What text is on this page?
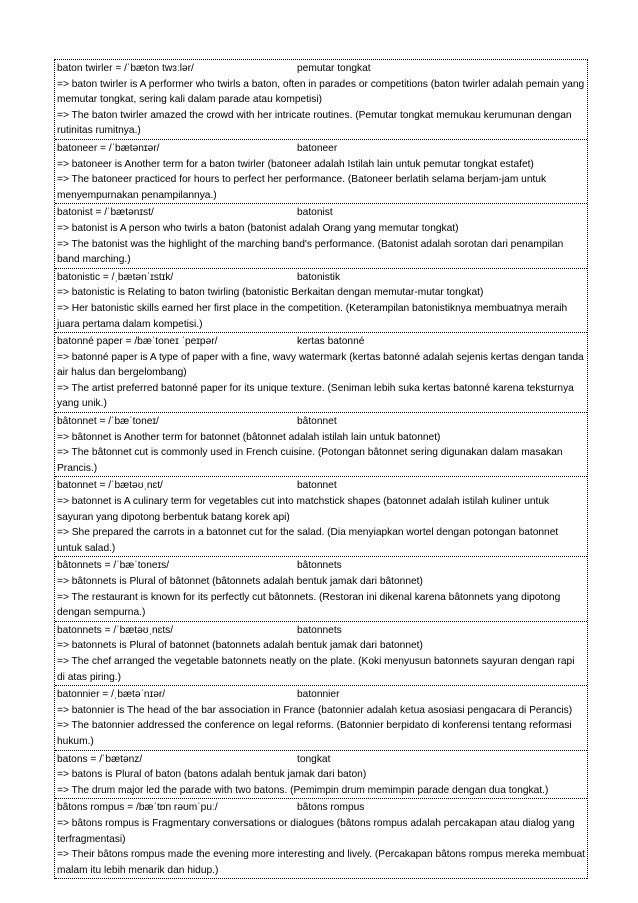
baton twirler = /ˈbæton twɜːlər/	pemutar tongkat
=> baton twirler is A performer who twirls a baton, often in parades or competitions (baton twirler adalah pemain yang memutar tongkat, sering kali dalam parade atau kompetisi)
=> The baton twirler amazed the crowd with her intricate routines. (Pemutar tongkat memukau kerumunan dengan rutinitas rumitnya.)
batoneer = /ˈbætənɪər/	batoneer
=> batoneer is Another term for a baton twirler (batoneer adalah Istilah lain untuk pemutar tongkat estafet)
=> The batoneer practiced for hours to perfect her performance. (Batoneer berlatih selama berjam-jam untuk menyempurnakan penampilannya.)
batonist = /ˈbætənɪst/	batonist
=> batonist is A person who twirls a baton (batonist adalah Orang yang memutar tongkat)
=> The batonist was the highlight of the marching band's performance. (Batonist adalah sorotan dari penampilan band marching.)
batonistic = /ˌbætənˈɪstɪk/	batonistik
=> batonistic is Relating to baton twirling (batonistic Berkaitan dengan memutar-mutar tongkat)
=> Her batonistic skills earned her first place in the competition. (Keterampilan batonistiknya membuatnya meraih juara pertama dalam kompetisi.)
batonné paper = /bæˈtoneɪ ˈpeɪpər/	kertas batonné
=> batonné paper is A type of paper with a fine, wavy watermark (kertas batonné adalah sejenis kertas dengan tanda air halus dan bergelombang)
=> The artist preferred batonné paper for its unique texture. (Seniman lebih suka kertas batonné karena teksturnya yang unik.)
bâtonnet = /ˈbæˈtoneɪ/	bâtonnet
=> bâtonnet is Another term for batonnet (bâtonnet adalah istilah lain untuk batonnet)
=> The bâtonnet cut is commonly used in French cuisine. (Potongan bâtonnet sering digunakan dalam masakan Prancis.)
batonnet = /ˈbætəʊˌnɛt/	batonnet
=> batonnet is A culinary term for vegetables cut into matchstick shapes (batonnet adalah istilah kuliner untuk sayuran yang dipotong berbentuk batang korek api)
=> She prepared the carrots in a batonnet cut for the salad. (Dia menyiapkan wortel dengan potongan batonnet untuk salad.)
bâtonnets = /ˈbæˈtoneɪs/	bâtonnets
=> bâtonnets is Plural of bâtonnet (bâtonnets adalah bentuk jamak dari bâtonnet)
=> The restaurant is known for its perfectly cut bâtonnets. (Restoran ini dikenal karena bâtonnets yang dipotong dengan sempurna.)
batonnets = /ˈbætəʊˌnɛts/	batonnets
=> batonnets is Plural of batonnet (batonnets adalah bentuk jamak dari batonnet)
=> The chef arranged the vegetable batonnets neatly on the plate. (Koki menyusun batonnets sayuran dengan rapi di atas piring.)
batonnier = /ˌbætəˈnɪər/	batonnier
=> batonnier is The head of the bar association in France (batonnier adalah ketua asosiasi pengacara di Perancis)
=> The batonnier addressed the conference on legal reforms. (Batonnier berpidato di konferensi tentang reformasi hukum.)
batons = /ˈbætənz/	tongkat
=> batons is Plural of baton (batons adalah bentuk jamak dari baton)
=> The drum major led the parade with two batons. (Pemimpin drum memimpin parade dengan dua tongkat.)
bâtons rompus = /bæˈtɒn rəʊmˈpuː/	bâtons rompus
=> bâtons rompus is Fragmentary conversations or dialogues (bâtons rompus adalah percakapan atau dialog yang terfragmentasi)
=> Their bâtons rompus made the evening more interesting and lively. (Percakapan bâtons rompus mereka membuat malam itu lebih menarik dan hidup.)
